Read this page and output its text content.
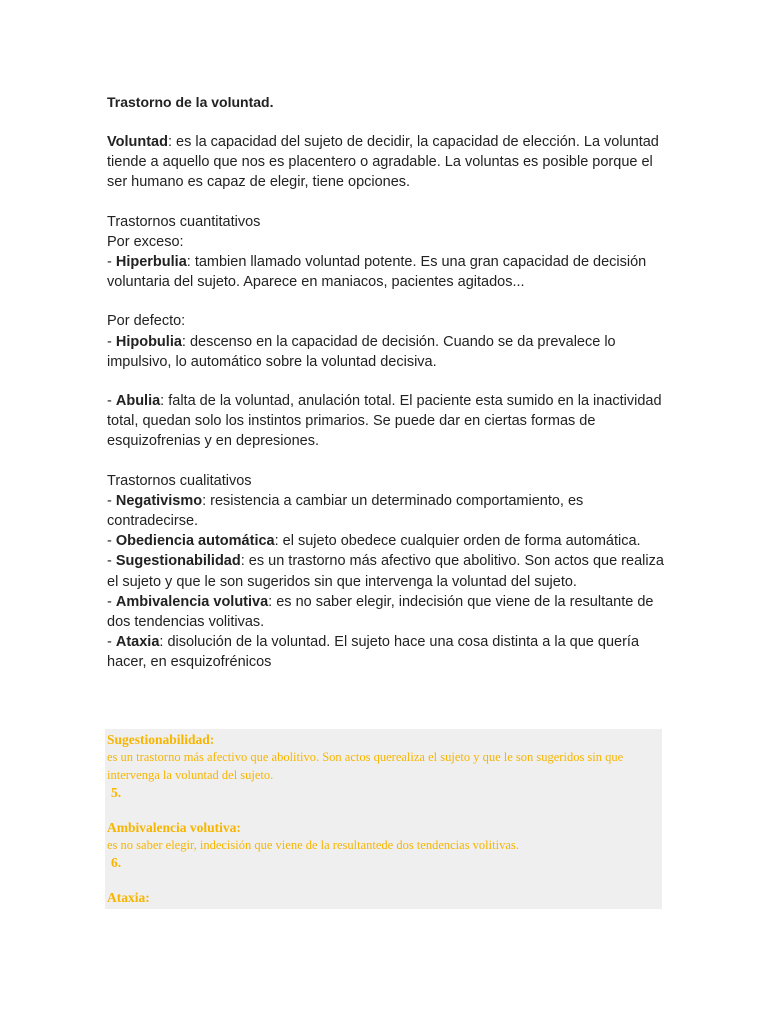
Trastorno de la voluntad.

Voluntad: es la capacidad del sujeto de decidir, la capacidad de elección. La voluntad tiende a aquello que nos es placentero o agradable. La voluntas es posible porque el ser humano es capaz de elegir, tiene opciones.

Trastornos cuantitativos

Por exceso:

- Hiperbulia: tambien llamado voluntad potente. Es una gran capacidad de decisión voluntaria del sujeto. Aparece en maniacos, pacientes agitados...

Por defecto:

- Hipobulia: descenso en la capacidad de decisión. Cuando se da prevalece lo impulsivo, lo automático sobre la voluntad decisiva.

- Abulia: falta de la voluntad, anulación total. El paciente esta sumido en la inactividad total, quedan solo los instintos primarios. Se puede dar en ciertas formas de esquizofrenias y en depresiones.

Trastornos cualitativos

- Negativismo: resistencia a cambiar un determinado comportamiento, es contradecirse.

- Obediencia automática: el sujeto obedece cualquier orden de forma automática.

- Sugestionabilidad: es un trastorno más afectivo que abolitivo. Son actos que realiza el sujeto y que le son sugeridos sin que intervenga la voluntad del sujeto.

- Ambivalencia volutiva: es no saber elegir, indecisión que viene de la resultante de dos tendencias volitivas.

- Ataxia: disolución de la voluntad. El sujeto hace una cosa distinta a la que quería hacer, en esquizofrénicos

Sugestionabilidad:
es un trastorno más afectivo que abolitivo. Son actos querealiza el sujeto y que le son sugeridos sin que intervenga la voluntad del sujeto.
5.
Ambivalencia volutiva:
es no saber elegir, indecisión que viene de la resultantede dos tendencias volitivas.
6.
Ataxia:
